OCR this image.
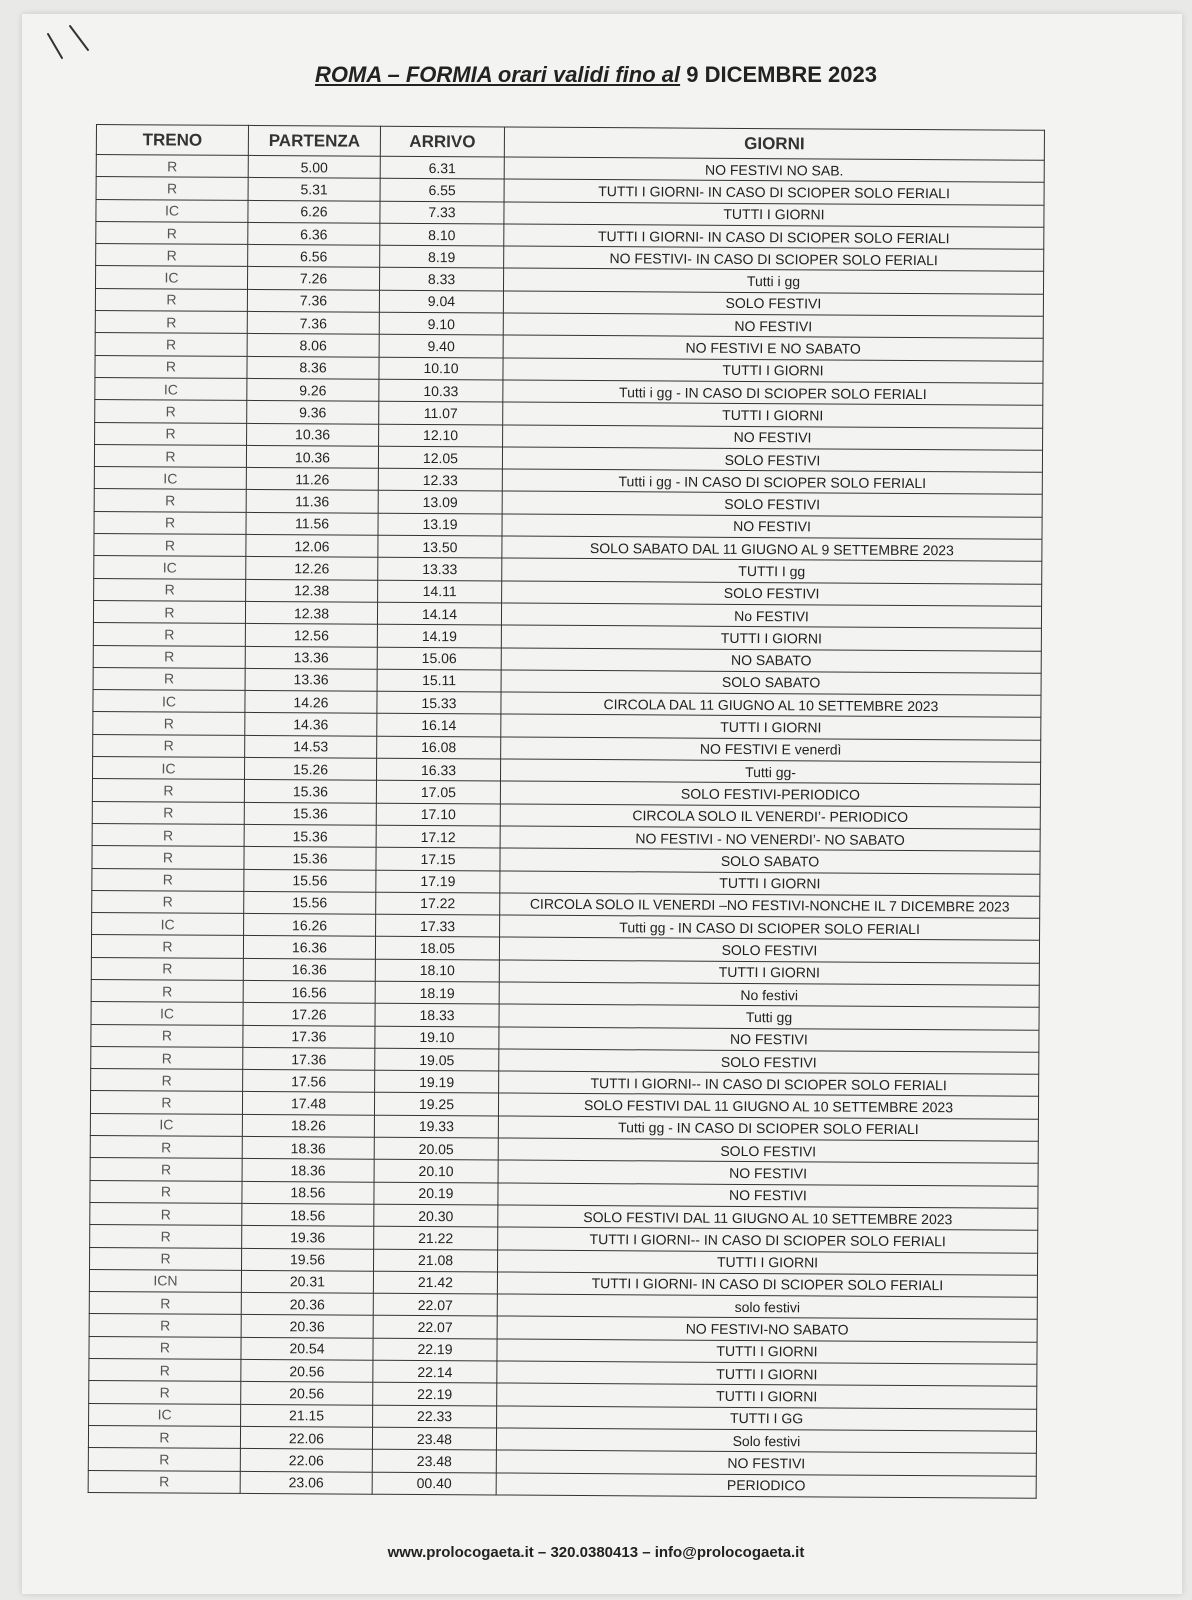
ROMA – FORMIA orari validi fino al 9 DICEMBRE 2023
TRENO	PARTENZA	ARRIVO	GIORNI
R	5.00	6.31	NO FESTIVI NO SAB.
R	5.31	6.55	TUTTI I GIORNI- IN CASO DI SCIOPER SOLO FERIALI
IC	6.26	7.33	TUTTI I GIORNI
R	6.36	8.10	TUTTI I GIORNI- IN CASO DI SCIOPER SOLO FERIALI
R	6.56	8.19	NO FESTIVI- IN CASO DI SCIOPER SOLO FERIALI
IC	7.26	8.33	Tutti i gg
R	7.36	9.04	SOLO FESTIVI
R	7.36	9.10	NO FESTIVI
R	8.06	9.40	NO FESTIVI E NO SABATO
R	8.36	10.10	TUTTI I GIORNI
IC	9.26	10.33	Tutti i gg - IN CASO DI SCIOPER SOLO FERIALI
R	9.36	11.07	TUTTI I GIORNI
R	10.36	12.10	NO FESTIVI
R	10.36	12.05	SOLO FESTIVI
IC	11.26	12.33	Tutti i gg - IN CASO DI SCIOPER SOLO FERIALI
R	11.36	13.09	SOLO FESTIVI
R	11.56	13.19	NO FESTIVI
R	12.06	13.50	SOLO SABATO DAL 11 GIUGNO AL 9 SETTEMBRE 2023
IC	12.26	13.33	TUTTI I gg
R	12.38	14.11	SOLO FESTIVI
R	12.38	14.14	No FESTIVI
R	12.56	14.19	TUTTI I GIORNI
R	13.36	15.06	NO SABATO
R	13.36	15.11	SOLO SABATO
IC	14.26	15.33	CIRCOLA DAL 11 GIUGNO AL 10 SETTEMBRE 2023
R	14.36	16.14	TUTTI I GIORNI
R	14.53	16.08	NO FESTIVI E venerdì
IC	15.26	16.33	Tutti gg-
R	15.36	17.05	SOLO FESTIVI-PERIODICO
R	15.36	17.10	CIRCOLA SOLO IL VENERDI’- PERIODICO
R	15.36	17.12	NO FESTIVI - NO VENERDI’- NO SABATO
R	15.36	17.15	SOLO SABATO
R	15.56	17.19	TUTTI I GIORNI
R	15.56	17.22	CIRCOLA SOLO IL VENERDI –NO FESTIVI-NONCHE IL 7 DICEMBRE 2023
IC	16.26	17.33	Tutti gg - IN CASO DI SCIOPER SOLO FERIALI
R	16.36	18.05	SOLO FESTIVI
R	16.36	18.10	TUTTI I GIORNI
R	16.56	18.19	No festivi
IC	17.26	18.33	Tutti gg
R	17.36	19.10	NO FESTIVI
R	17.36	19.05	SOLO FESTIVI
R	17.56	19.19	TUTTI I GIORNI-- IN CASO DI SCIOPER SOLO FERIALI
R	17.48	19.25	SOLO FESTIVI DAL 11 GIUGNO AL 10 SETTEMBRE 2023
IC	18.26	19.33	Tutti gg - IN CASO DI SCIOPER SOLO FERIALI
R	18.36	20.05	SOLO FESTIVI
R	18.36	20.10	NO FESTIVI
R	18.56	20.19	NO FESTIVI
R	18.56	20.30	SOLO FESTIVI DAL 11 GIUGNO AL 10 SETTEMBRE 2023
R	19.36	21.22	TUTTI I GIORNI-- IN CASO DI SCIOPER SOLO FERIALI
R	19.56	21.08	TUTTI I GIORNI
ICN	20.31	21.42	TUTTI I GIORNI- IN CASO DI SCIOPER SOLO FERIALI
R	20.36	22.07	solo festivi
R	20.36	22.07	NO FESTIVI-NO SABATO
R	20.54	22.19	TUTTI I GIORNI
R	20.56	22.14	TUTTI I GIORNI
R	20.56	22.19	TUTTI I GIORNI
IC	21.15	22.33	TUTTI I GG
R	22.06	23.48	Solo festivi
R	22.06	23.48	NO FESTIVI
R	23.06	00.40	PERIODICO
www.prolocogaeta.it – 320.0380413 – info@prolocogaeta.it
